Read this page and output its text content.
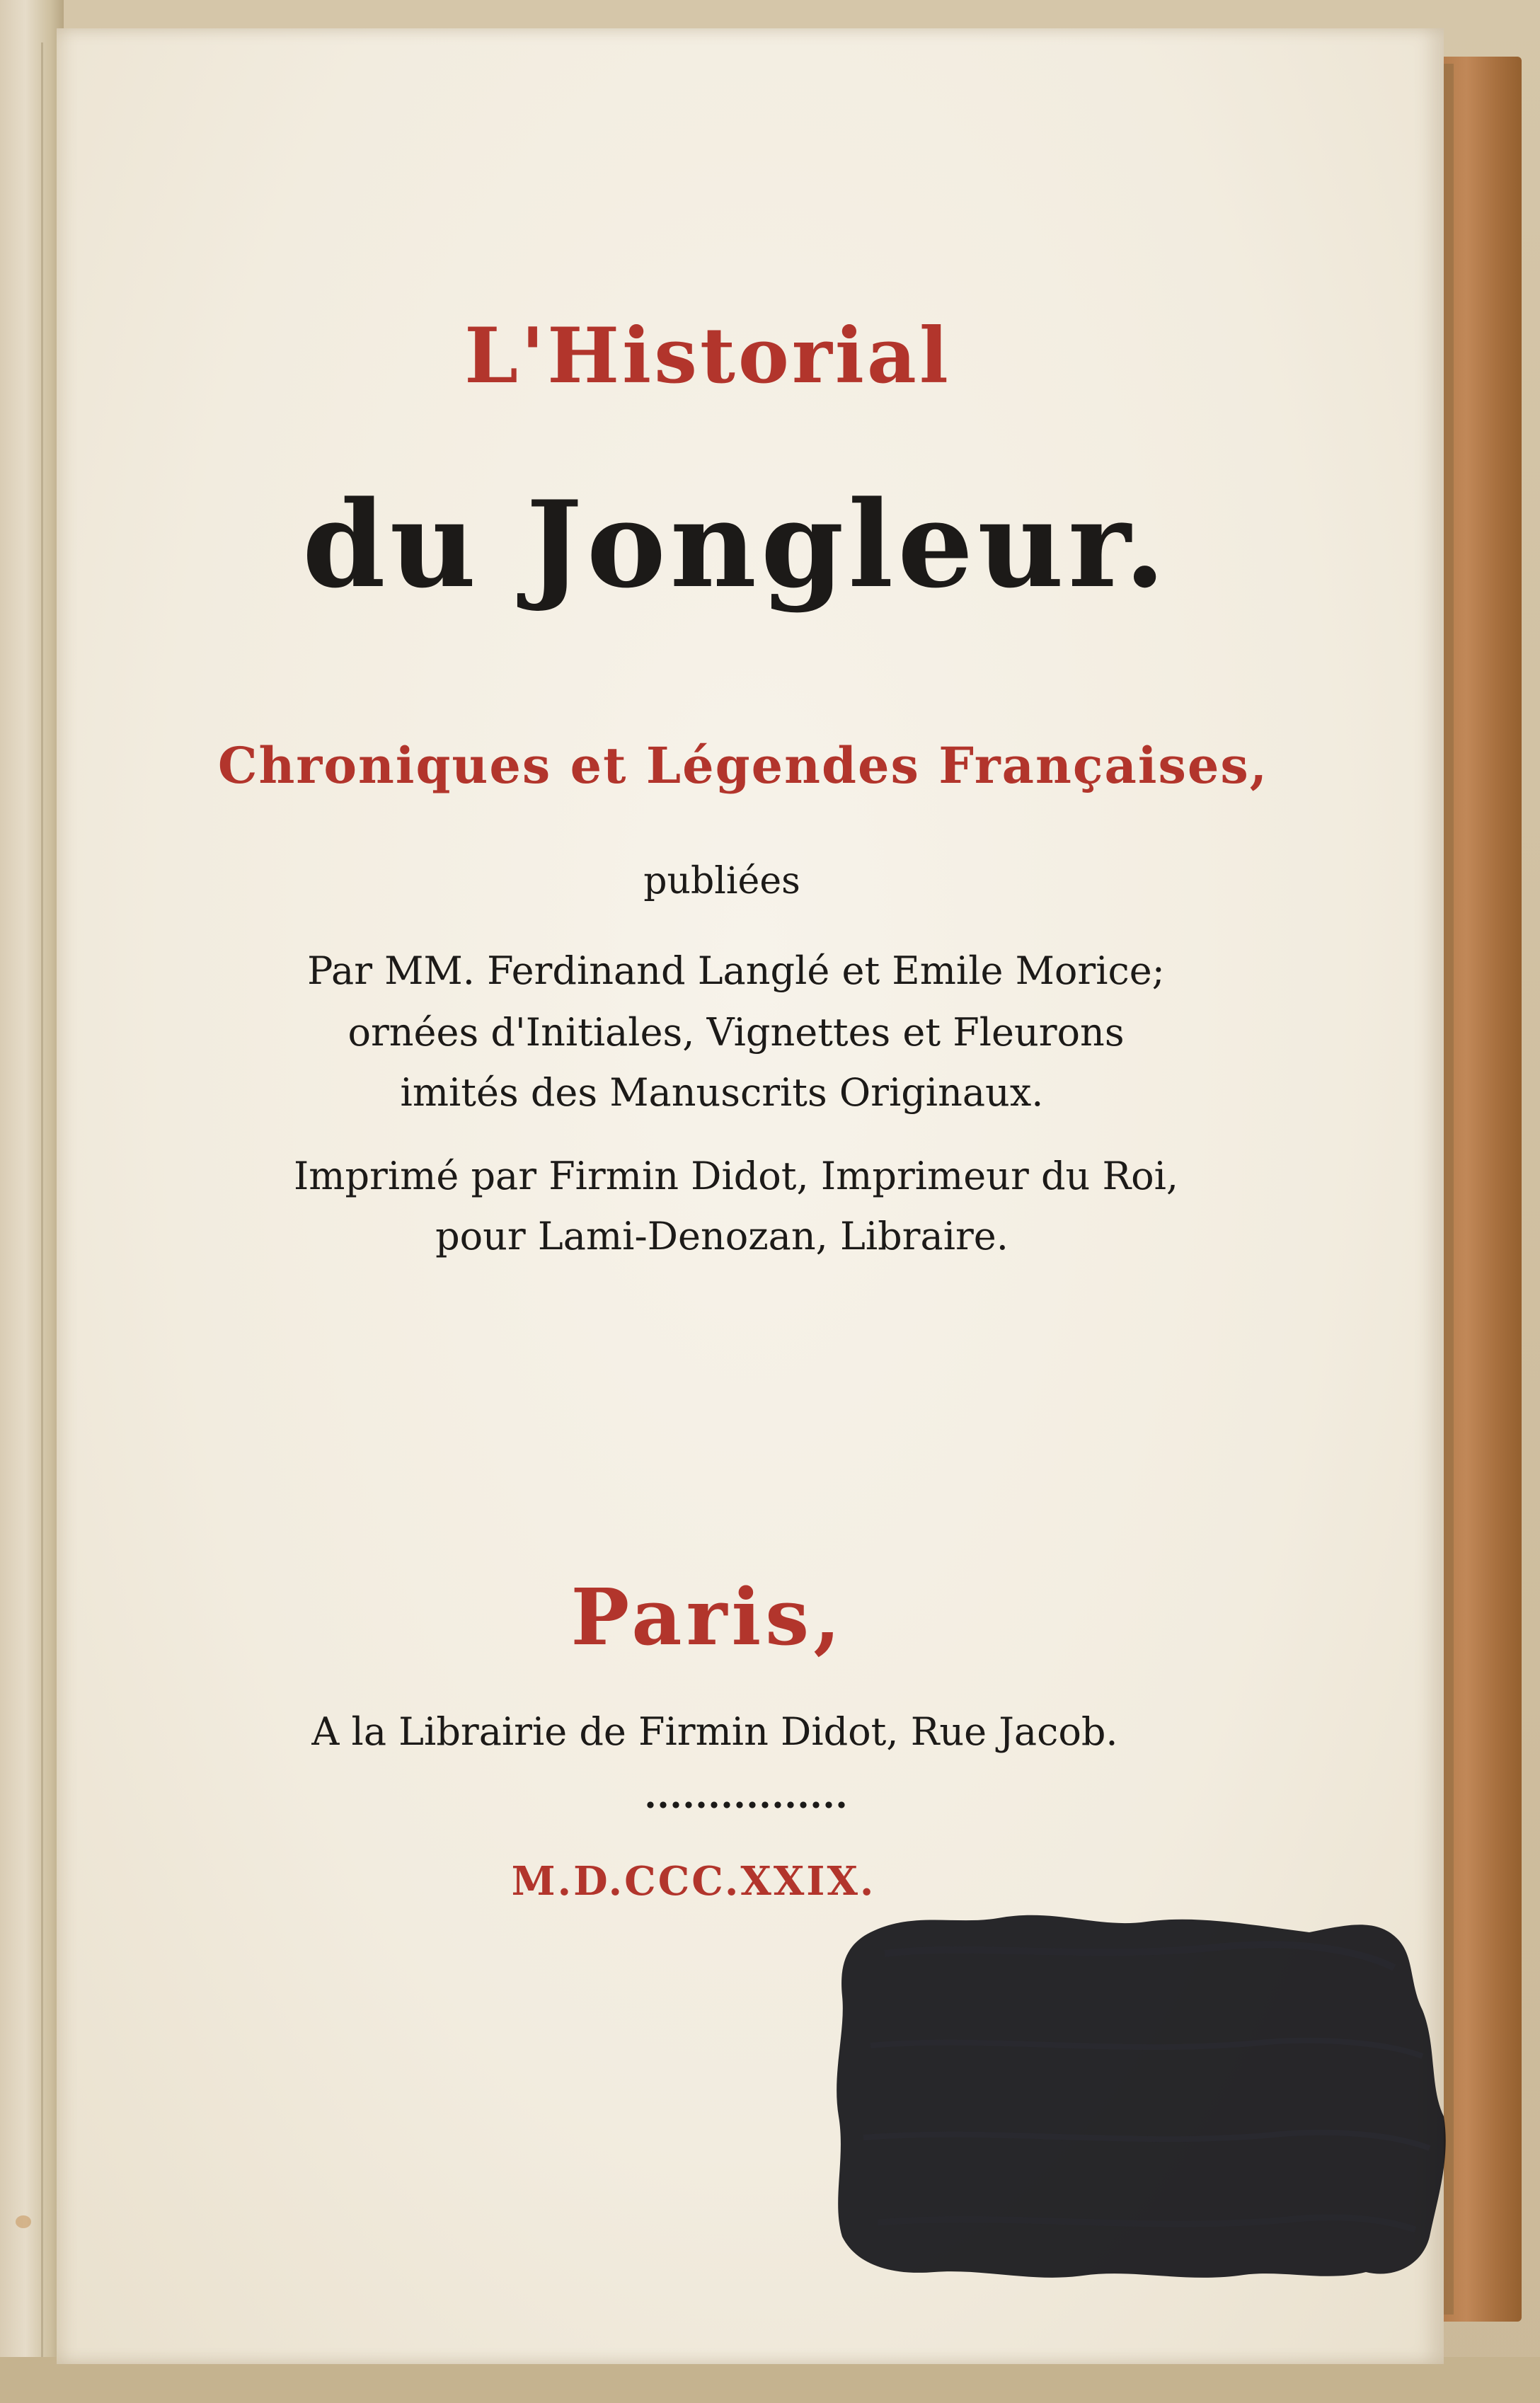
L'Historial
du Jongleur.
Chroniques et Légendes Françaises,
publiées
Par MM. Ferdinand Langlé et Emile Morice;
ornées d'Initiales, Vignettes et Fleurons
imités des Manuscrits Originaux.
Imprimé par Firmin Didot, Imprimeur du Roi,
pour Lami-Denozan, Libraire.
Paris,
A la Librairie de Firmin Didot, Rue Jacob.
M.D.CCC.XXIX.
